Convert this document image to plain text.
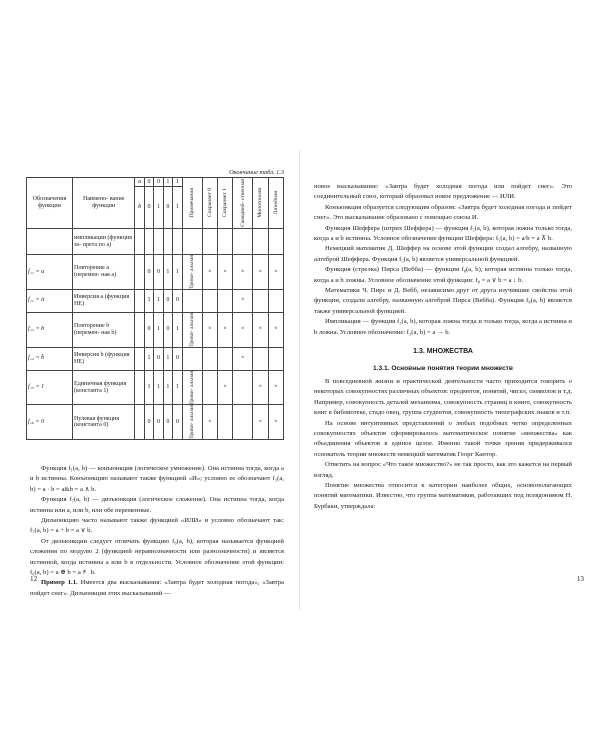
Окончание табл. 1.3
Обозначения функции	Наимено- вание функции	a	0	0	1	1	Примечания	Сохраняет 0	Сохраняет 1	Самодвой- ственная	Монотонная	Линейная

		b	0	1	0	1						
	импликации (функция за- прета по a)						

f₁₁ = a	Повторение a (перемен- ная a)		0	0	1	1	Триви- альная	×	×	×	×	×
f₁₂ = ā	Инверсия a (функция НЕ)		1	1	0	0				×		
f₁₃ = b	Повторение b (перемен- ная b)		0	1	0	1	Триви- альная	×	×	×	×	×
f₁₄ = b̄	Инверсия b (функция НЕ)		1	0	1	0				×		
f₁₅ = 1	Единичная функция (константа 1)		1	1	1	1	Триви- альная		×		×	×
f₁₆ = 0	Нулевая функция (константа 0)		0	0	0	0	Триви- альная	×			×	×

Функция f₁(a, b) — конъюнкция (логическое умножение). Она истинна тогда, когда a и b истинны. Конъюнкцию называют также функцией «И»; условно ее обозначают f₁(a, b) = a · b = a&b = a ∧ b.

Функция f₇(a, b) — дизъюнкция (логическое сложение). Она истинна тогда, когда истинна или a, или b, или обе переменные.

Дизъюнкцию часто называют также функцией «ИЛИ» и условно обозначают так: f₇(a, b) = a + b = a ∨ b.

От дизъюнкции следует отличать функцию f₆(a, b), которая называется функцией сложения по модулю 2 (функцией неравнозначности или разнозначности) и является истинной, когда истинны a или b в отдельности. Условное обозначение этой функции: f₆(a, b) = a ⊕ b = a ≢ b.

Пример 1.1. Имеется два высказывания: «Завтра будет холодная погода», «Завтра пойдет снег». Дизъюнкция этих высказываний —

12

новое высказывание: «Завтра будет холодная погода или пойдет снег». Это соединительный союз, который образовал новое предложение — ИЛИ.

Конъюнкция образуется следующим образом: «Завтра будет холодная погода и пойдет снег». Это высказывание образовано с помощью союза И.

Функция Шеффера (штрих Шеффера) — функция f₅(a, b), которая ложна только тогда, когда a и b истинны. Условное обозначение функции Шеффера: f₅(a, b) = a/b = a ⊼ b.

Немецкий математик Д. Шеффер на основе этой функции создал алгебру, названную алгеброй Шеффера. Функция f₅(a, b) является универсальной функцией.

Функция (стрелка) Пирса (Вебба) — функция f₈(a, b), которая истинна только тогда, когда a и b ложны. Условное обозначение этой функции: f₈ = a ∨ b = a ↓ b.

Математики Ч. Пирс и Д. Вебб, независимо друг от друга изучившие свойства этой функции, создали алгебру, названную алгеброй Пирса (Вебба). Функция f₈(a, b) является также универсальной функцией.

Импликация — функция f₂(a, b), которая ложна тогда и только тогда, когда a истинна и b ложна. Условное обозначение: f₂(a, b) = a → b.

1.3. МНОЖЕСТВА
1.3.1. Основные понятия теории множеств

В повседневной жизни и практической деятельности часто приходится говорить о некоторых совокупностях различных объектов: предметов, понятий, чисел, символов и т.д. Например, совокупность деталей механизма, совокупность страниц в книге, совокупность книг в библиотеке, стадо овец, группа студентов, совокупность типографских знаков и т.п.

На основе интуитивных представлений о любых подобных четко определенных совокупностях объектов сформировалось математическое понятие «множества» как объединения объектов в единое целое. Именно такой точки зрения придерживался основатель теории множеств немецкий математик Георг Кантор.

Ответить на вопрос «Что такое множество?» не так просто, как это кажется на первый взгляд.

Понятие множества относится к категории наиболее общих, основополагающих понятий математики. Известно, что группа математиков, работавших под псевдонимом Н. Бурбаки, утверждала:

13
